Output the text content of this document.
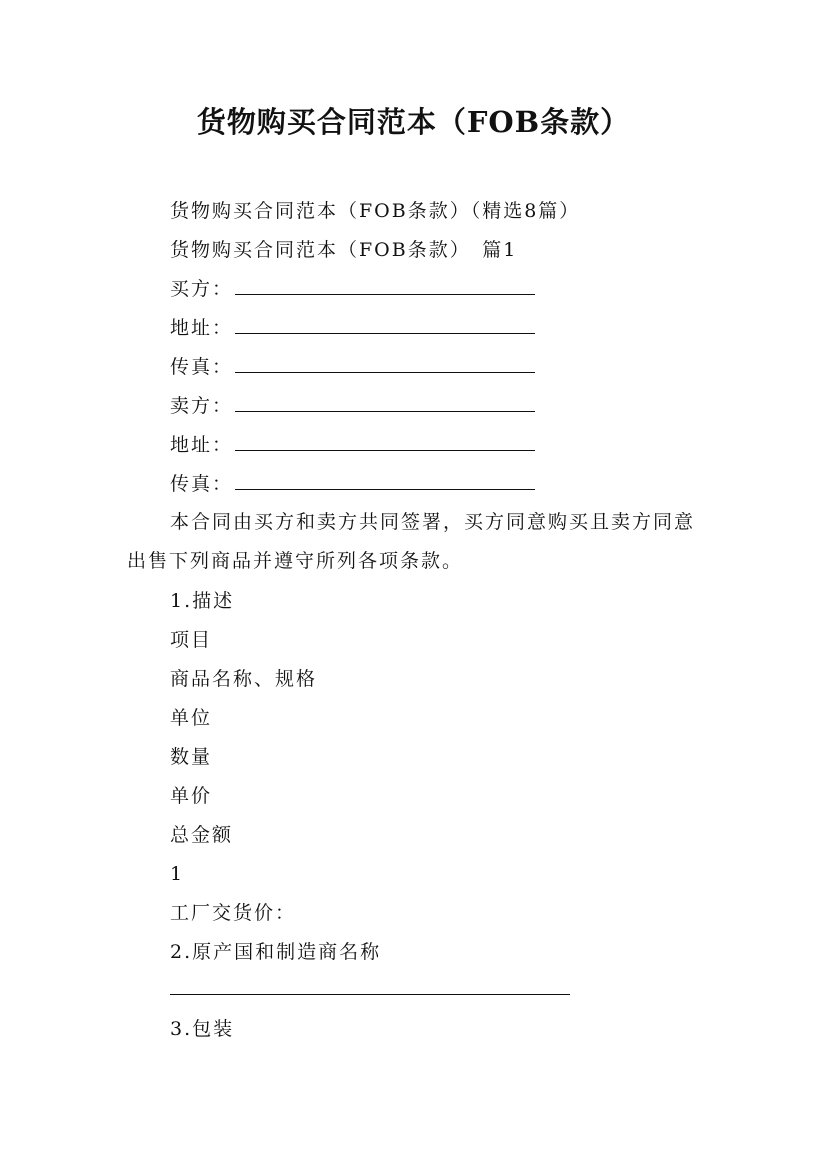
货物购买合同范本（FOB条款）
货物购买合同范本（FOB条款）（精选8篇）
货物购买合同范本（FOB条款）　篇1
买方：
地址：
传真：
卖方：
地址：
传真：
本合同由买方和卖方共同签署，买方同意购买且卖方同意出售下列商品并遵守所列各项条款。
1.描述
项目
商品名称、规格
单位
数量
单价
总金额
1
工厂交货价：
2.原产国和制造商名称
3.包装
